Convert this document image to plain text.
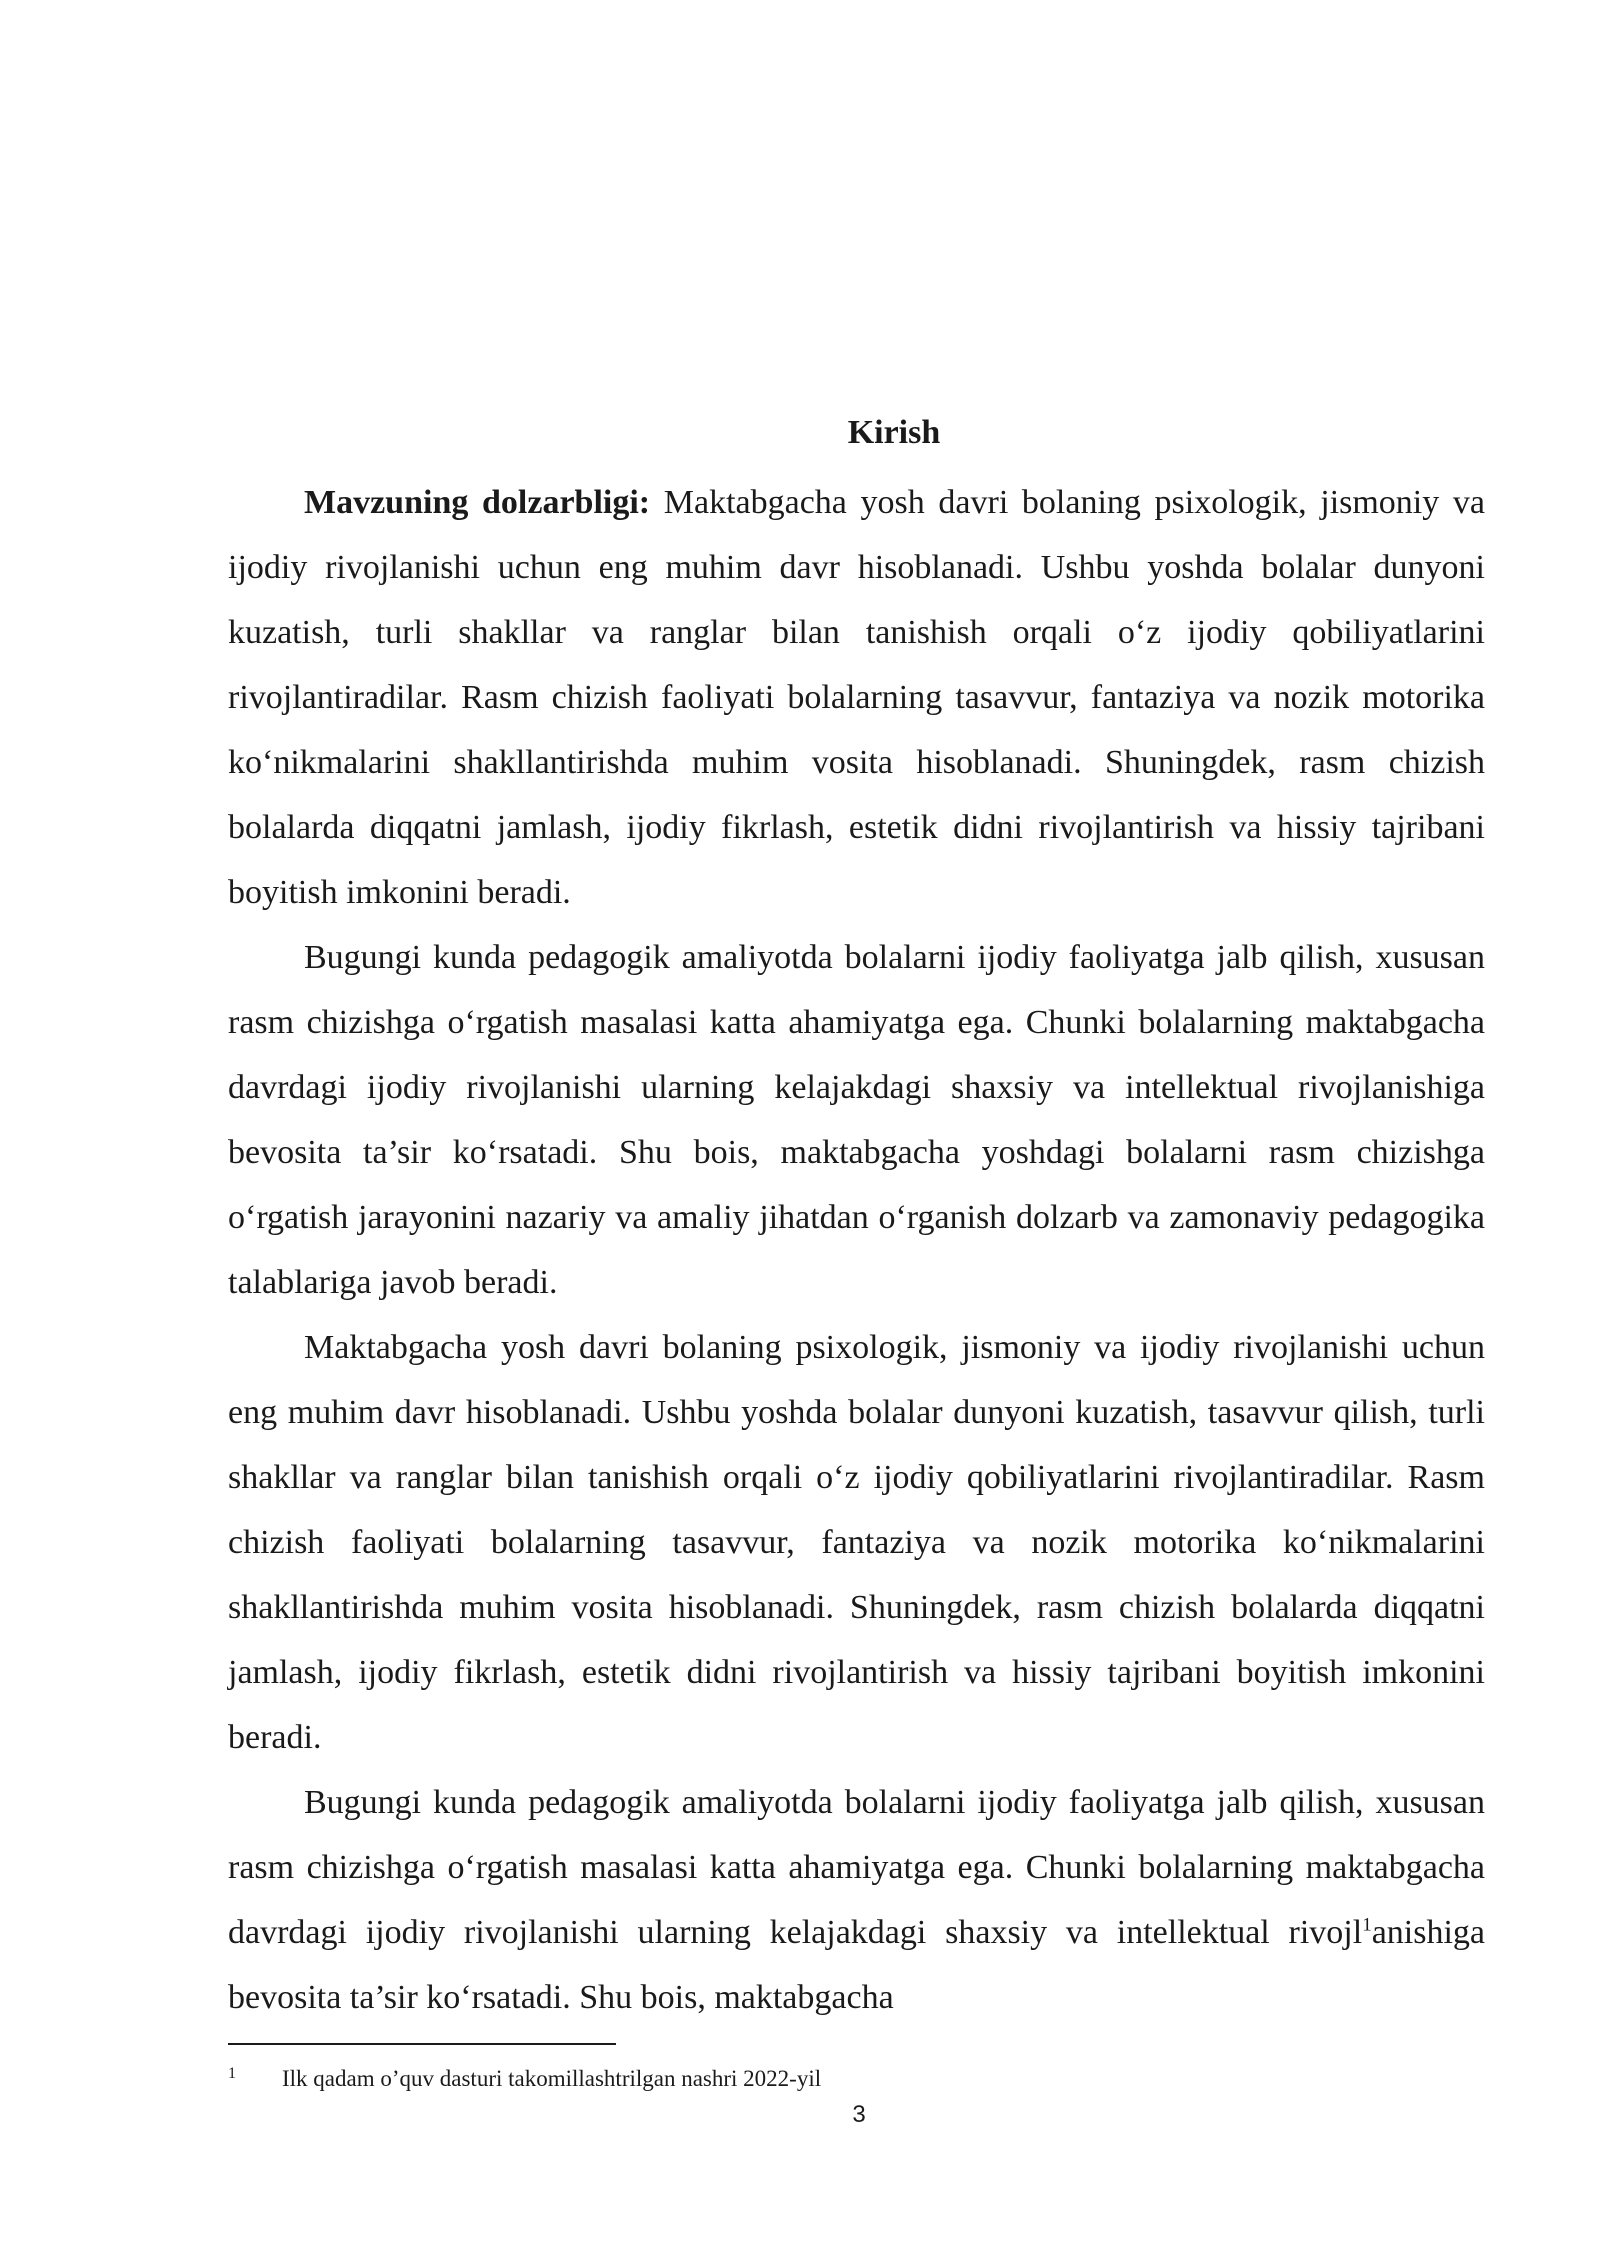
Kirish

Mavzuning dolzarbligi: Maktabgacha yosh davri bolaning psixologik, jismoniy va ijodiy rivojlanishi uchun eng muhim davr hisoblanadi. Ushbu yoshda bolalar dunyoni kuzatish, turli shakllar va ranglar bilan tanishish orqali o‘z ijodiy qobiliyatlarini rivojlantiradilar. Rasm chizish faoliyati bolalarning tasavvur, fantaziya va nozik motorika ko‘nikmalarini shakllantirishda muhim vosita hisoblanadi. Shuningdek, rasm chizish bolalarda diqqatni jamlash, ijodiy fikrlash, estetik didni rivojlantirish va hissiy tajribani boyitish imkonini beradi.

Bugungi kunda pedagogik amaliyotda bolalarni ijodiy faoliyatga jalb qilish, xususan rasm chizishga o‘rgatish masalasi katta ahamiyatga ega. Chunki bolalarning maktabgacha davrdagi ijodiy rivojlanishi ularning kelajakdagi shaxsiy va intellektual rivojlanishiga bevosita ta’sir ko‘rsatadi. Shu bois, maktabgacha yoshdagi bolalarni rasm chizishga o‘rgatish jarayonini nazariy va amaliy jihatdan o‘rganish dolzarb va zamonaviy pedagogika talablariga javob beradi.

Maktabgacha yosh davri bolaning psixologik, jismoniy va ijodiy rivojlanishi uchun eng muhim davr hisoblanadi. Ushbu yoshda bolalar dunyoni kuzatish, tasavvur qilish, turli shakllar va ranglar bilan tanishish orqali o‘z ijodiy qobiliyatlarini rivojlantiradilar. Rasm chizish faoliyati bolalarning tasavvur, fantaziya va nozik motorika ko‘nikmalarini shakllantirishda muhim vosita hisoblanadi. Shuningdek, rasm chizish bolalarda diqqatni jamlash, ijodiy fikrlash, estetik didni rivojlantirish va hissiy tajribani boyitish imkonini beradi.

Bugungi kunda pedagogik amaliyotda bolalarni ijodiy faoliyatga jalb qilish, xususan rasm chizishga o‘rgatish masalasi katta ahamiyatga ega. Chunki bolalarning maktabgacha davrdagi ijodiy rivojlanishi ularning kelajakdagi shaxsiy va intellektual rivojl$^1$anishiga bevosita ta’sir ko‘rsatadi. Shu bois, maktabgacha

1 Ilk qadam o’quv dasturi takomillashtrilgan nashri 2022-yil
3
